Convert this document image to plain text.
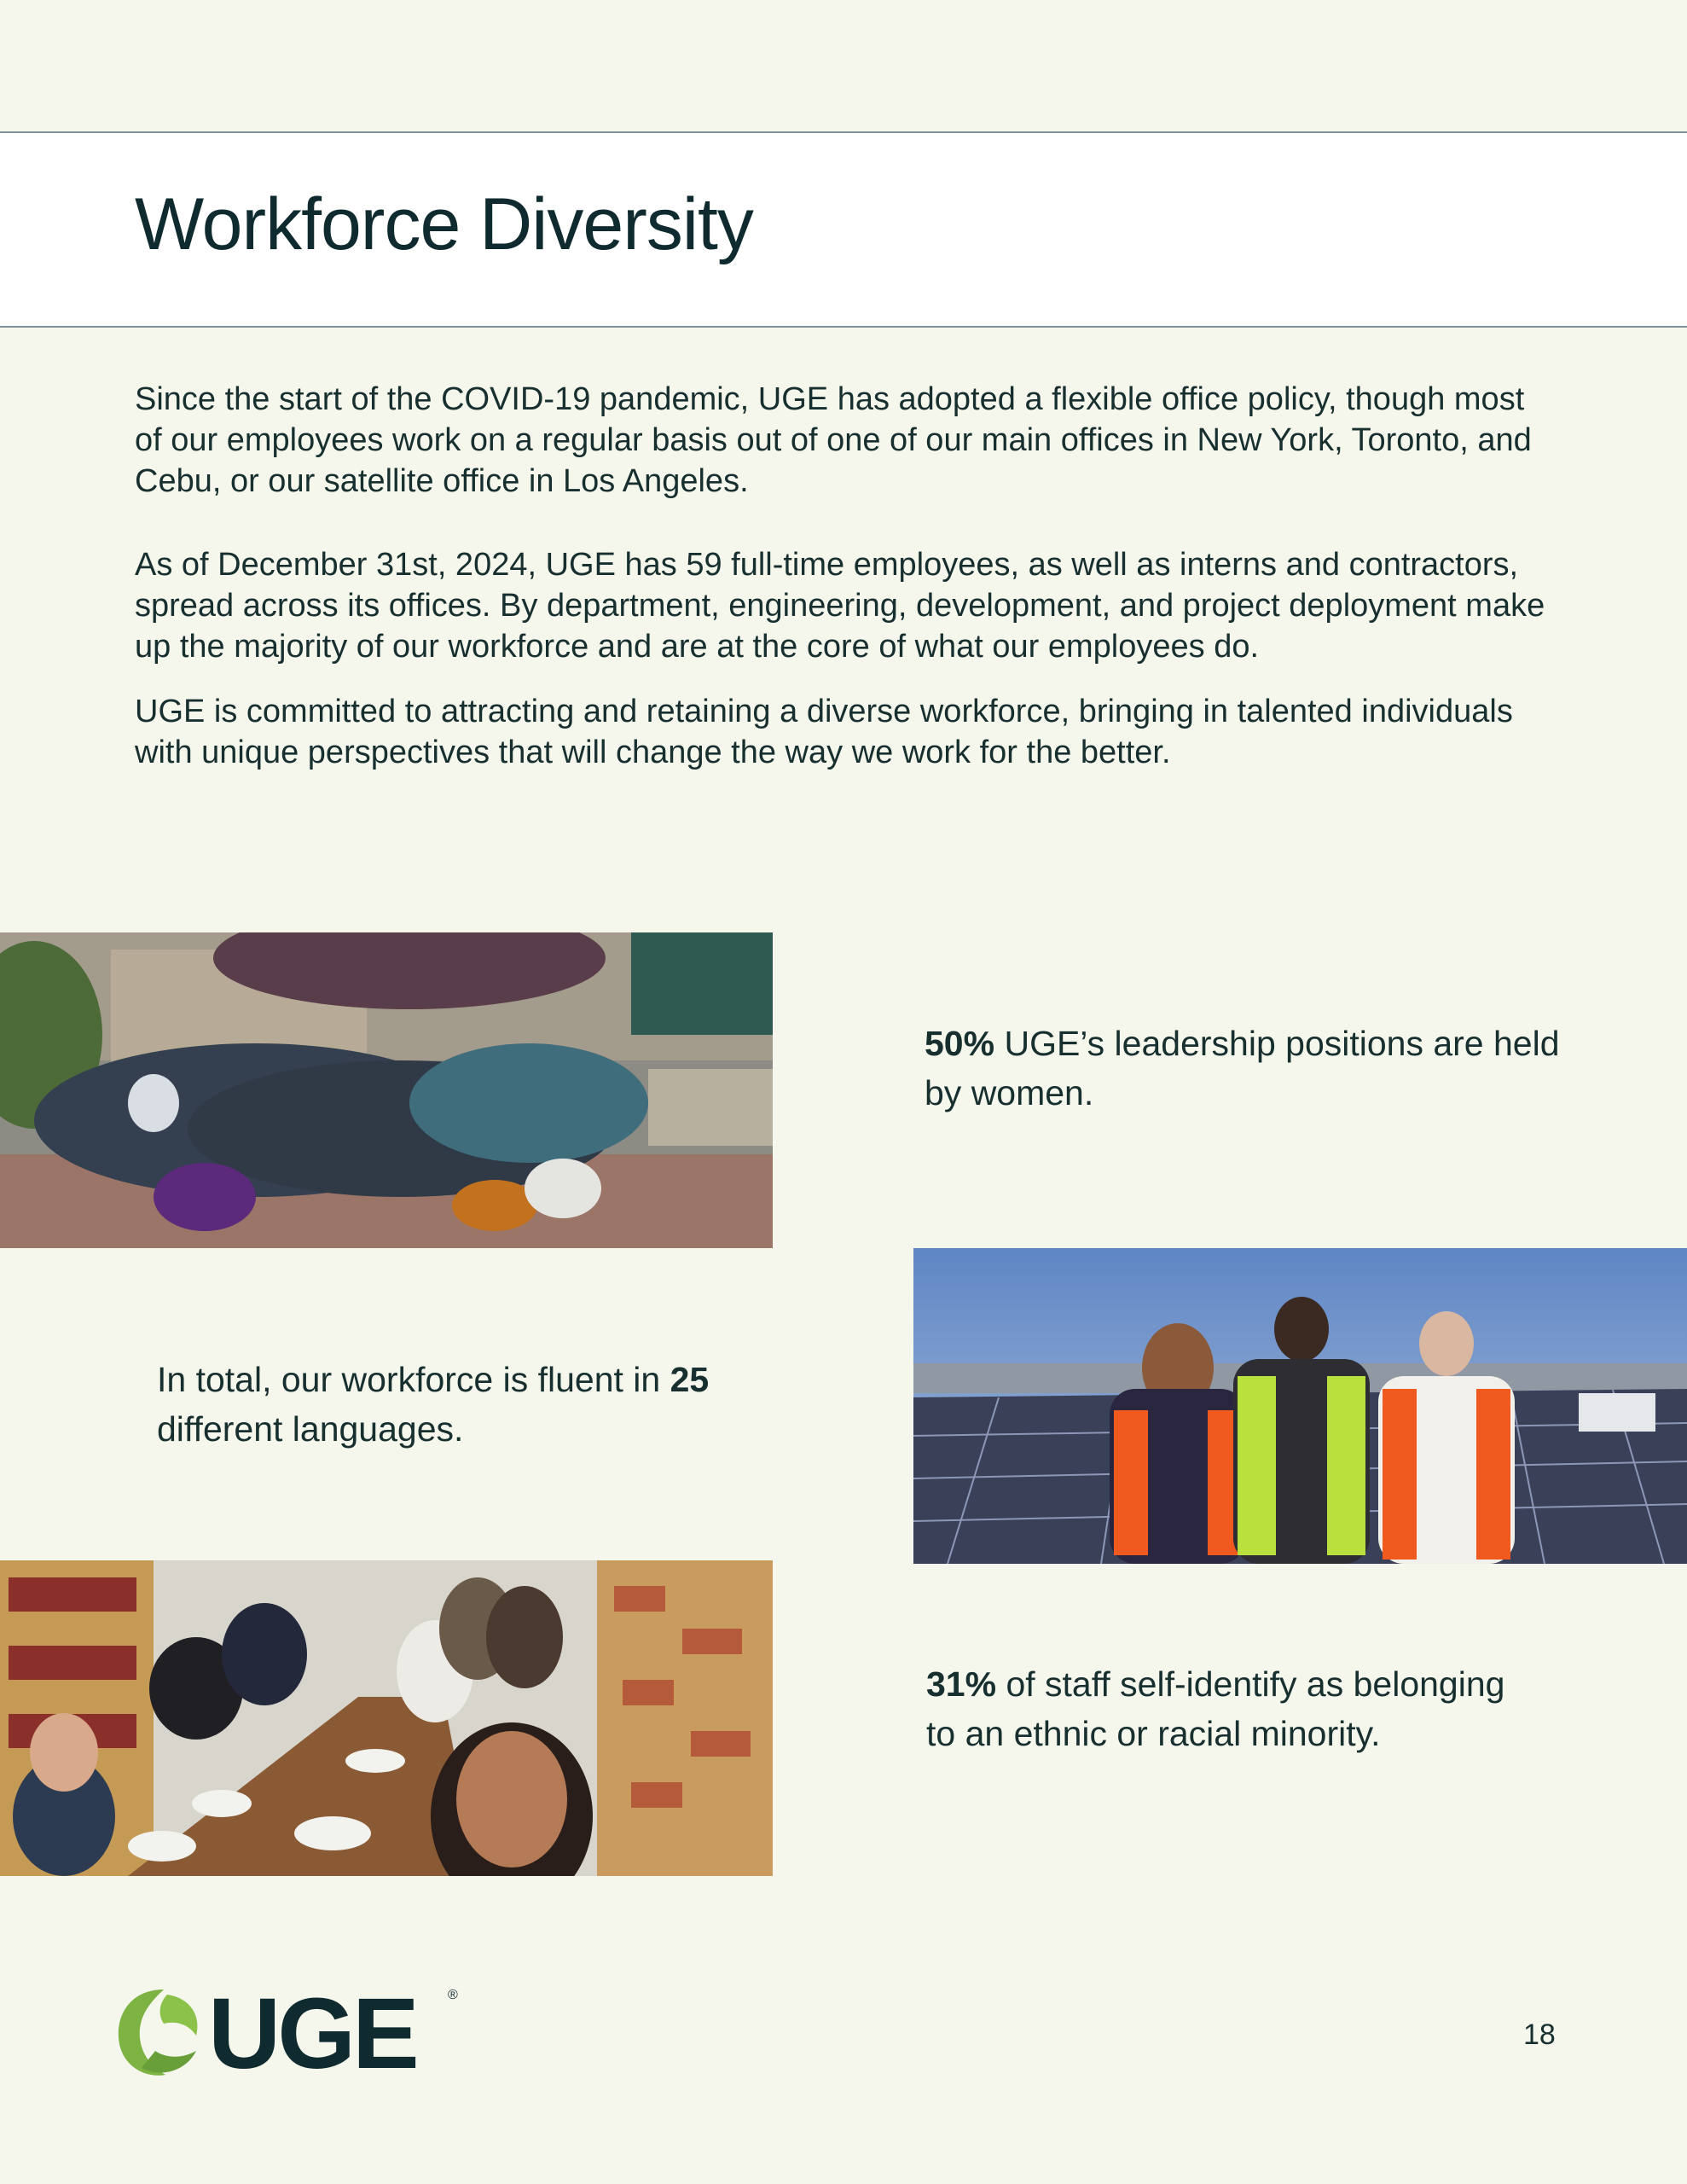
Workforce Diversity

Since the start of the COVID-19 pandemic, UGE has adopted a flexible office policy, though most of our employees work on a regular basis out of one of our main offices in New York, Toronto, and Cebu, or our satellite office in Los Angeles.

As of December 31st, 2024, UGE has 59 full-time employees, as well as interns and contractors, spread across its offices. By department, engineering, development, and project deployment make up the majority of our workforce and are at the core of what our employees do.

UGE is committed to attracting and retaining a diverse workforce, bringing in talented individuals with unique perspectives that will change the way we work for the better.

50% UGE’s leadership positions are held by women.
In total, our workforce is fluent in 25 different languages.
31% of staff self-identify as belonging to an ethnic or racial minority.
UGE ®
18
